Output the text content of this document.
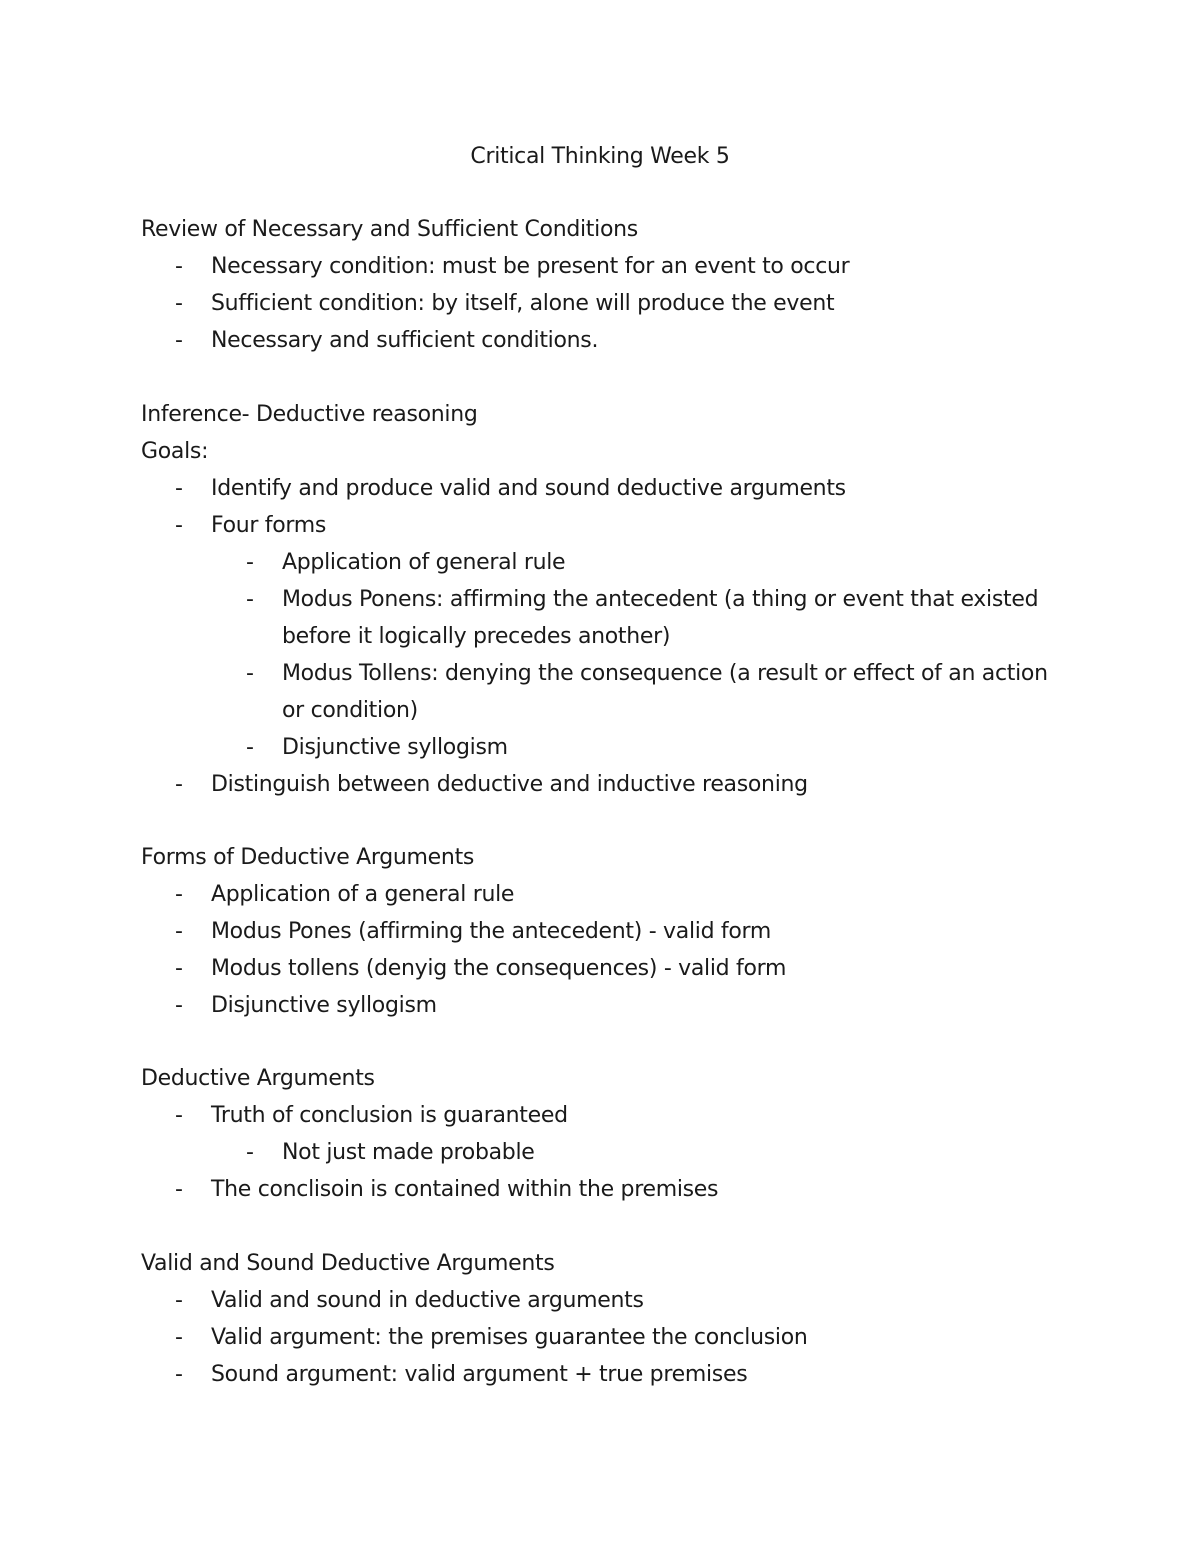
Critical Thinking Week 5
Review of Necessary and Sufficient Conditions
- Necessary condition: must be present for an event to occur
- Sufficient condition: by itself, alone will produce the event
- Necessary and sufficient conditions.
Inference- Deductive reasoning
Goals:
- Identify and produce valid and sound deductive arguments
- Four forms
- Application of general rule
- Modus Ponens: affirming the antecedent (a thing or event that existed before it logically precedes another)
- Modus Tollens: denying the consequence (a result or effect of an action or condition)
- Disjunctive syllogism
- Distinguish between deductive and inductive reasoning
Forms of Deductive Arguments
- Application of a general rule
- Modus Pones (affirming the antecedent) - valid form
- Modus tollens (denyig the consequences) - valid form
- Disjunctive syllogism
Deductive Arguments
- Truth of conclusion is guaranteed
- Not just made probable
- The conclisoin is contained within the premises
Valid and Sound Deductive Arguments
- Valid and sound in deductive arguments
- Valid argument: the premises guarantee the conclusion
- Sound argument: valid argument + true premises
